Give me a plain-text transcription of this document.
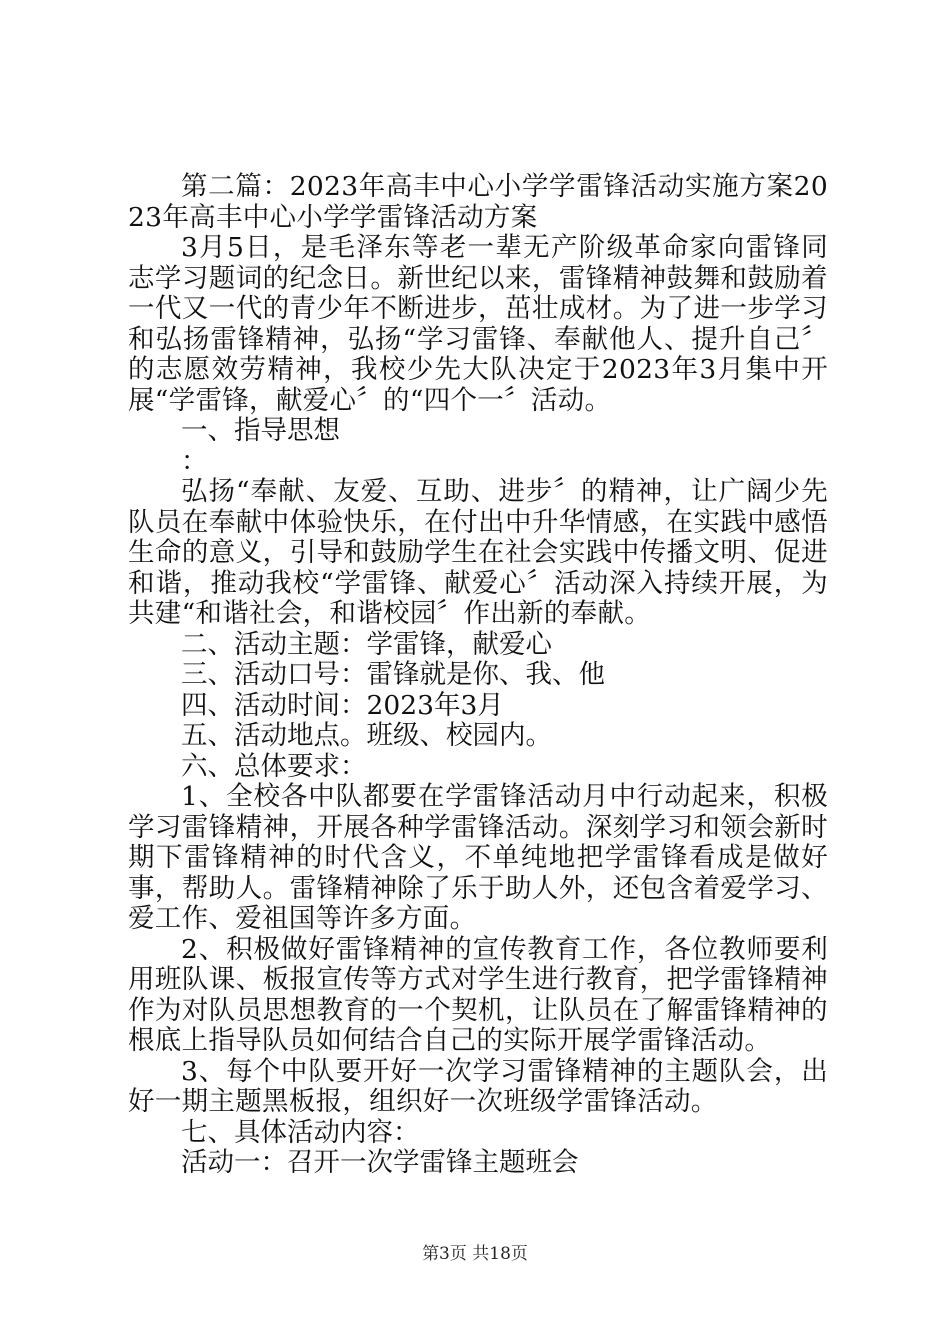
第二篇：2023年高丰中心小学学雷锋活动实施方案2023年高丰中心小学学雷锋活动方案

3月5日，是毛泽东等老一辈无产阶级革命家向雷锋同志学习题词的纪念日。新世纪以来，雷锋精神鼓舞和鼓励着一代又一代的青少年不断进步，茁壮成材。为了进一步学习和弘扬雷锋精神，弘扬“学习雷锋、奉献他人、提升自己〞的志愿效劳精神，我校少先大队决定于2023年3月集中开展“学雷锋，献爱心〞的“四个一〞活动。

一、指导思想

：

弘扬“奉献、友爱、互助、进步〞的精神，让广阔少先队员在奉献中体验快乐，在付出中升华情感，在实践中感悟生命的意义，引导和鼓励学生在社会实践中传播文明、促进和谐，推动我校“学雷锋、献爱心〞活动深入持续开展，为共建“和谐社会，和谐校园〞作出新的奉献。

二、活动主题：学雷锋，献爱心

三、活动口号：雷锋就是你、我、他

四、活动时间：2023年3月

五、活动地点。班级、校园内。

六、总体要求：

1、全校各中队都要在学雷锋活动月中行动起来，积极学习雷锋精神，开展各种学雷锋活动。深刻学习和领会新时期下雷锋精神的时代含义，不单纯地把学雷锋看成是做好事，帮助人。雷锋精神除了乐于助人外，还包含着爱学习、爱工作、爱祖国等许多方面。

2、积极做好雷锋精神的宣传教育工作，各位教师要利用班队课、板报宣传等方式对学生进行教育，把学雷锋精神作为对队员思想教育的一个契机，让队员在了解雷锋精神的根底上指导队员如何结合自己的实际开展学雷锋活动。

3、每个中队要开好一次学习雷锋精神的主题队会，出好一期主题黑板报，组织好一次班级学雷锋活动。

七、具体活动内容：

活动一：召开一次学雷锋主题班会

第3页 共18页
